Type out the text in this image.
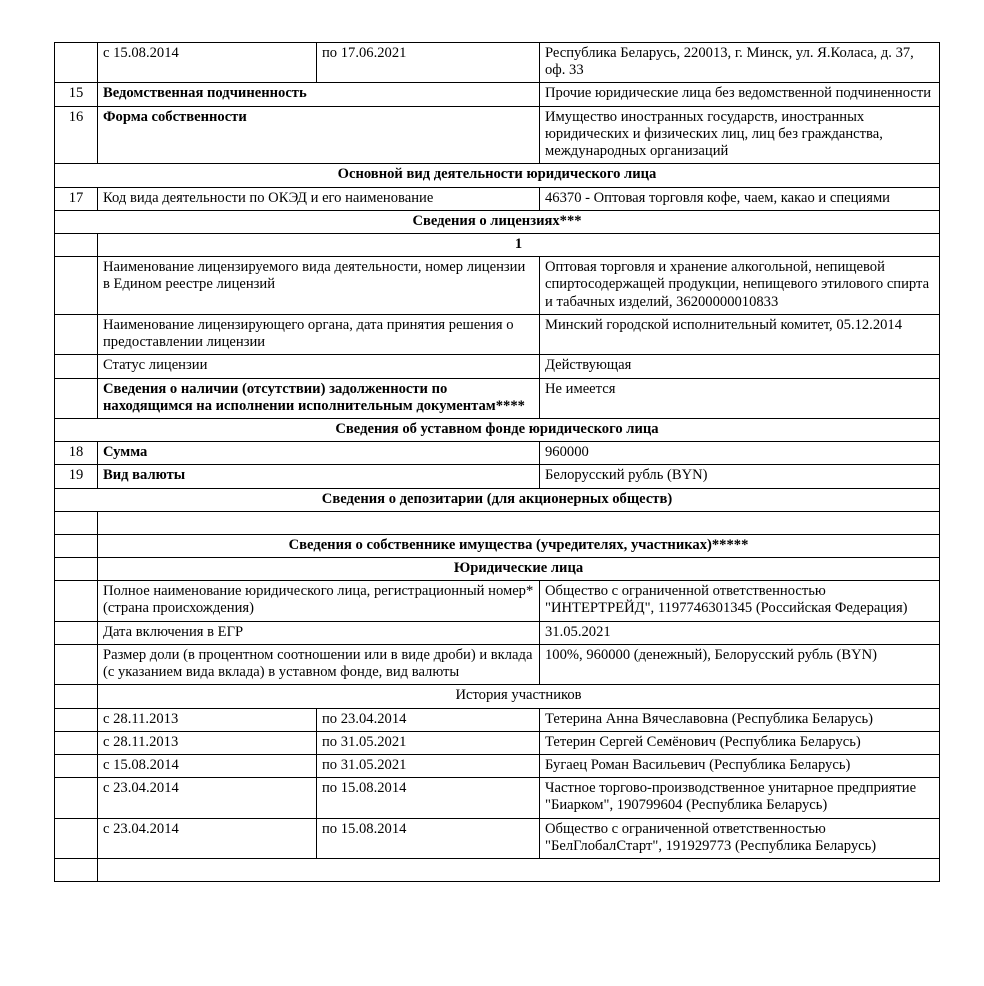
	с 15.08.2014	по 17.06.2021	Республика Беларусь, 220013, г. Минск, ул. Я.Коласа, д. 37, оф. 33
15	Ведомственная подчиненность		Прочие юридические лица без ведомственной подчиненности
16	Форма собственности		Имущество иностранных государств, иностранных юридических и физических лиц, лиц без гражданства, международных организаций
Основной вид деятельности юридического лица			
17	Код вида деятельности по ОКЭД и его наименование		46370 - Оптовая торговля кофе, чаем, какао и специями
Сведения о лицензиях***			
	1		
	Наименование лицензируемого вида деятельности, номер лицензии в Едином реестре лицензий		Оптовая торговля и хранение алкогольной, непищевой спиртосодержащей продукции, непищевого этилового спирта и табачных изделий, 36200000010833
	Наименование лицензирующего органа, дата принятия решения о предоставлении лицензии		Минский городской исполнительный комитет, 05.12.2014
	Статус лицензии		Действующая
	Сведения о наличии (отсутствии) задолженности по находящимся на исполнении исполнительным документам****		Не имеется
Сведения об уставном фонде юридического лица			
18	Сумма		960000
19	Вид валюты		Белорусский рубль (BYN)
Сведения о депозитарии (для акционерных обществ)			

	Сведения о собственнике имущества (учредителях, участниках)*****		
	Юридические лица		
	Полное наименование юридического лица, регистрационный номер* (страна происхождения)		Общество с ограниченной ответственностью "ИНТЕРТРЕЙД", 1197746301345 (Российская Федерация)
	Дата включения в ЕГР		31.05.2021
	Размер доли (в процентном соотношении или в виде дроби) и вклада (с указанием вида вклада) в уставном фонде, вид валюты		100%, 960000 (денежный), Белорусский рубль (BYN)
	История участников		
	с 28.11.2013	по 23.04.2014	Тетерина Анна Вячеславовна (Республика Беларусь)
	с 28.11.2013	по 31.05.2021	Тетерин Сергей Семёнович (Республика Беларусь)
	с 15.08.2014	по 31.05.2021	Бугаец Роман Васильевич (Республика Беларусь)
	с 23.04.2014	по 15.08.2014	Частное торгово-производственное унитарное предприятие "Биарком", 190799604 (Республика Беларусь)
	с 23.04.2014	по 15.08.2014	Общество с ограниченной ответственностью "БелГлобалСтарт", 191929773 (Республика Беларусь)
